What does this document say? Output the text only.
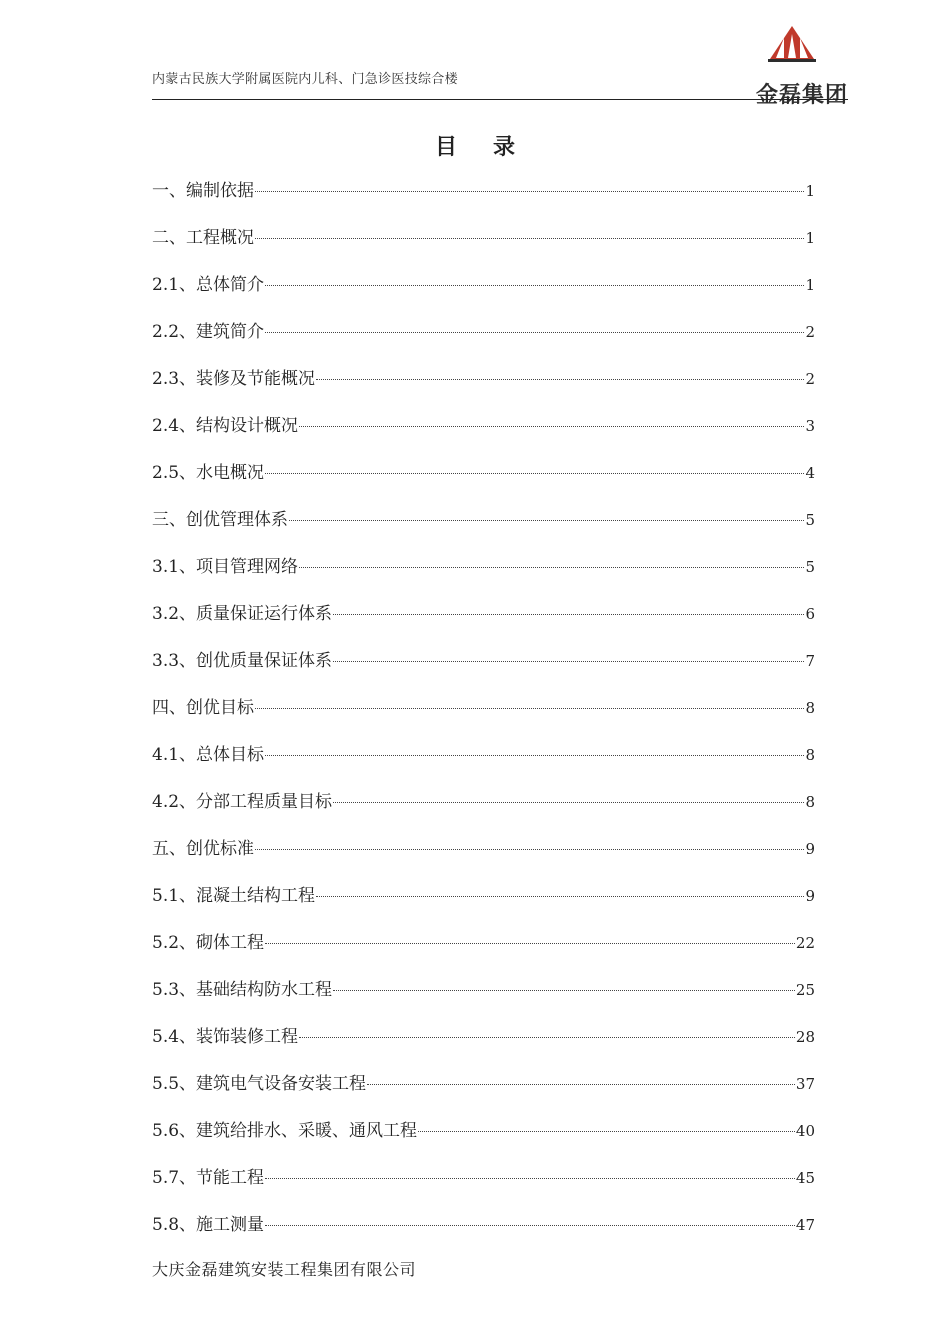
内蒙古民族大学附属医院内儿科、门急诊医技综合楼
金磊集团
目录
一、编制依据	1
二、工程概况	1
2.1、总体简介	1
2.2、建筑简介	2
2.3、装修及节能概况	2
2.4、结构设计概况	3
2.5、水电概况	4
三、创优管理体系	5
3.1、项目管理网络	5
3.2、质量保证运行体系	6
3.3、创优质量保证体系	7
四、创优目标	8
4.1、总体目标	8
4.2、分部工程质量目标	8
五、创优标准	9
5.1、混凝土结构工程	9
5.2、砌体工程	22
5.3、基础结构防水工程	25
5.4、装饰装修工程	28
5.5、建筑电气设备安装工程	37
5.6、建筑给排水、采暖、通风工程	40
5.7、节能工程	45
5.8、施工测量	47
大庆金磊建筑安装工程集团有限公司
